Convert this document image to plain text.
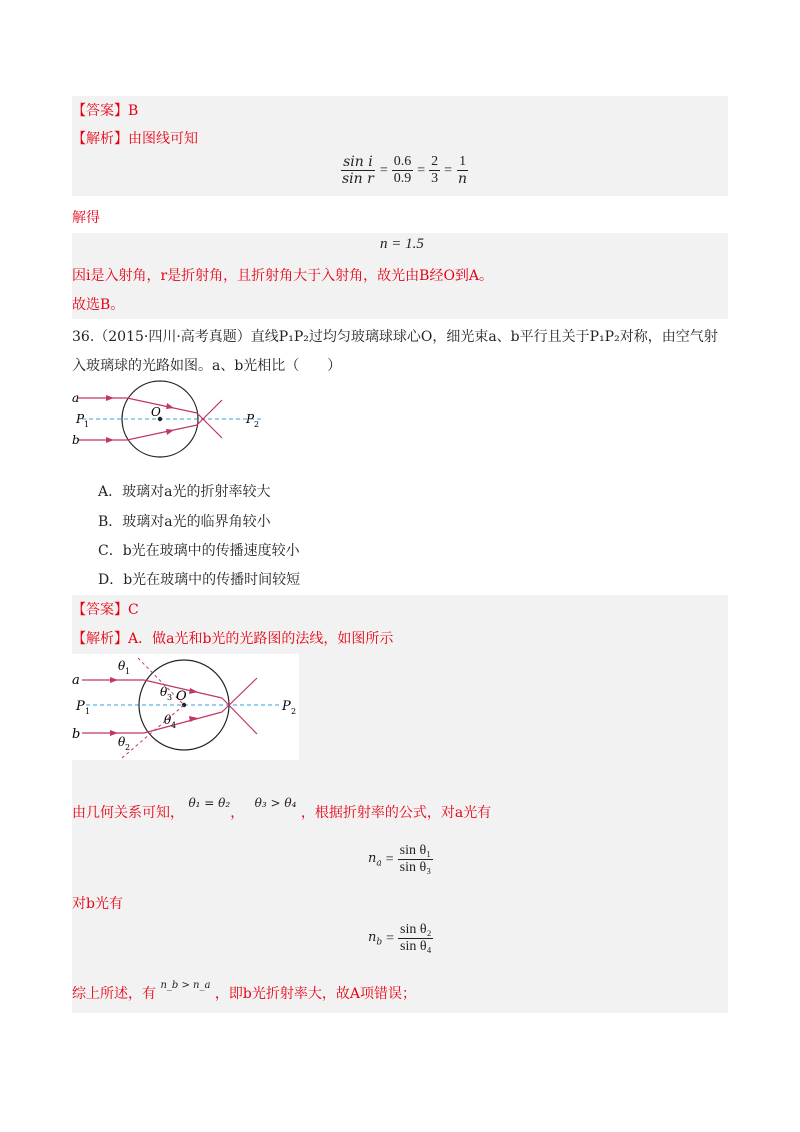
【答案】B
【解析】由图线可知
$\frac{\text{sin i}}{\text{sin r}} = \frac{0.6}{0.9} = \frac{2}{3} = \frac{1}{n}$
解得
n = 1.5
因i是入射角，r是折射角，且折射角大于入射角，故光由B经O到A。
故选B。
36.（2015·四川·高考真题）直线P₁P₂过均匀玻璃球球心O，细光束a、b平行且关于P₁P₂对称，由空气射
入玻璃球的光路如图。a、b光相比（　　）
a
b
P 1	P 2
O
A．玻璃对a光的折射率较大
B．玻璃对a光的临界角较小
C．b光在玻璃中的传播速度较小
D．b光在玻璃中的传播时间较短
【答案】C
【解析】A．做a光和b光的光路图的法线，如图所示
a
b
P 1	P 2
O
θ 1
θ 3
θ 4
θ 2
由几何关系可知， θ₁ = θ₂， θ₃ > θ₄ ，根据折射率的公式，对a光有
$n_a = \frac{\text{sin θ₁}}{\text{sin θ₃}}$
对b光有
$n_b = \frac{\text{sin θ₂}}{\text{sin θ₄}}$
综上所述，有 $^{n\_b > n\_a}$ ，即b光折射率大，故A项错误；
